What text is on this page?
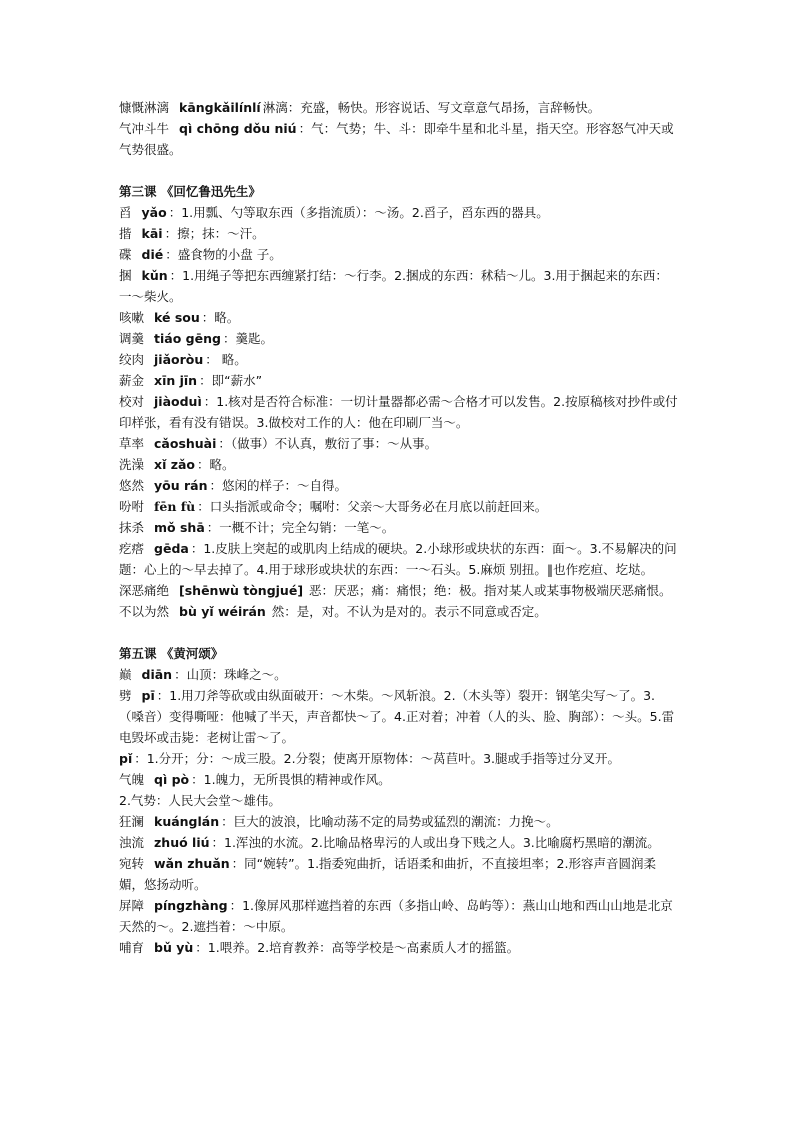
慷慨淋漓 kāngkǎilínlí 淋漓：充盛，畅快。形容说话、写文章意气昂扬，言辞畅快。
气冲斗牛 qì chōng dǒu niú ：气：气势；牛、斗：即牵牛星和北斗星，指天空。形容怒气冲天或气势很盛。
第三课 《回忆鲁迅先生》
舀 yǎo ：1.用瓢、勺等取东西（多指流质）：～汤。2.舀子，舀东西的器具。
揩 kāi ：擦；抹：～汗。
碟 dié ：盛食物的小盘 子。
捆 kǔn ：1.用绳子等把东西缠紧打结：～行李。2.捆成的东西：秫秸～儿。3.用于捆起来的东西：一～柴火。
咳嗽 ké sou ：略。
调羹 tiáo gēng ：羹匙。
绞肉 jiǎoròu ： 略。
薪金 xīn jīn ：即“薪水”
校对 jiàoduì ：1.核对是否符合标准：一切计量器都必需～合格才可以发售。2.按原稿核对抄件或付印样张，看有没有错误。3.做校对工作的人：他在印刷厂当～。
草率 cǎoshuài ：（做事）不认真，敷衍了事：～从事。
洗澡 xǐ zǎo ：略。
悠然 yōu rán ：悠闲的样子：～自得。
吩咐 fēn fù ：口头指派或命令；嘱咐：父亲～大哥务必在月底以前赶回来。
抹杀 mǒ shā ：一概不计；完全勾销：一笔～。
疙瘩 gēda ：1.皮肤上突起的或肌肉上结成的硬块。2.小球形或块状的东西：面～。3.不易解决的问题：心上的～早去掉了。4.用于球形或块状的东西：一～石头。5.麻烦 别扭。‖也作疙疸、圪垯。
深恶痛绝 [shēnwù tòngjué] 恶：厌恶；痛：痛恨；绝：极。指对某人或某事物极端厌恶痛恨。
不以为然 bù yǐ wéirán 然：是，对。不认为是对的。表示不同意或否定。
第五课 《黄河颂》
巅 diān ：山顶：珠峰之～。
劈 pī ：1.用刀斧等砍或由纵面破开：～木柴。～风斩浪。2.（木头等）裂开：钢笔尖写～了。3.（嗓音）变得嘶哑：他喊了半天，声音都快～了。4.正对着；冲着（人的头、脸、胸部）：～头。5.雷电毁坏或击毙：老树让雷～了。
pǐ ：1.分开；分：～成三股。2.分裂；使离开原物体：～莴苣叶。3.腿或手指等过分叉开。
气魄 qì pò ：1.魄力，无所畏惧的精神或作风。
2.气势：人民大会堂～雄伟。
狂澜 kuánglán ：巨大的波浪，比喻动荡不定的局势或猛烈的潮流：力挽～。
浊流 zhuó liú ：1.浑浊的水流。2.比喻品格卑污的人或出身下贱之人。3.比喻腐朽黑暗的潮流。
宛转 wǎn zhuǎn ：同“婉转”。1.指委宛曲折，话语柔和曲折，不直接坦率；2.形容声音圆润柔媚，悠扬动听。
屏障 píngzhàng ：1.像屏风那样遮挡着的东西（多指山岭、岛屿等）：燕山山地和西山山地是北京天然的～。2.遮挡着：～中原。
哺育 bǔ yù ：1.喂养。2.培育教养：高等学校是～高素质人才的摇篮。
